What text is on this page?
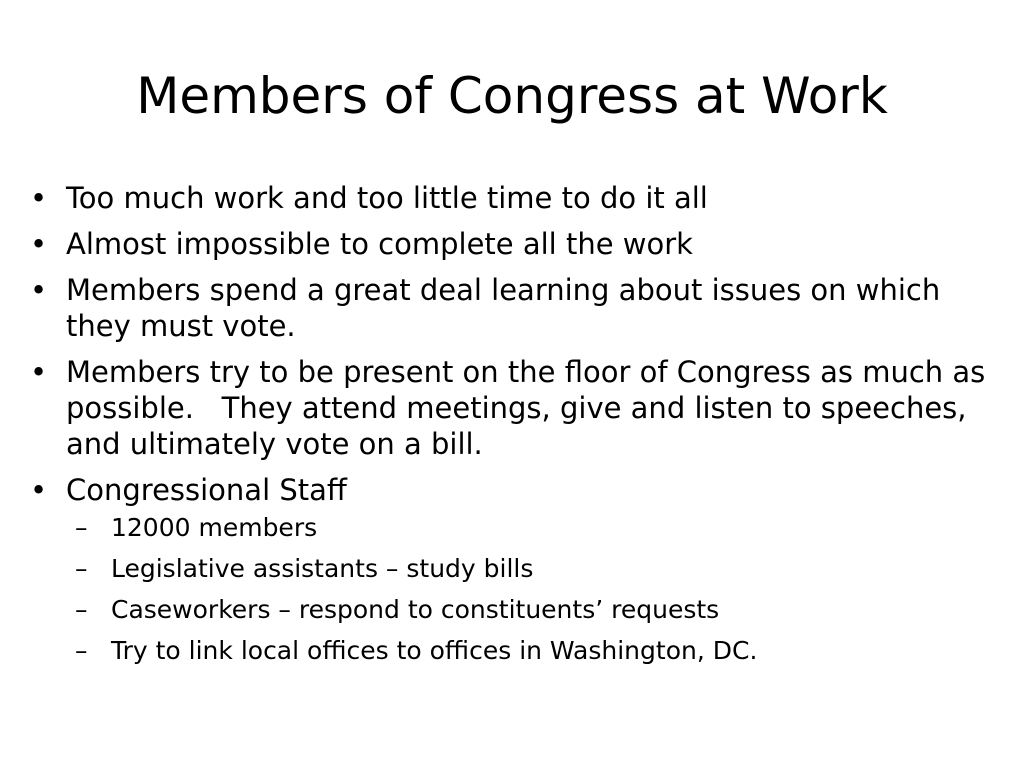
Members of Congress at Work
• Too much work and too little time to do it all
• Almost impossible to complete all the work
• Members spend a great deal learning about issues on which they must vote.
• Members try to be present on the floor of Congress as much as possible.   They attend meetings, give and listen to speeches, and ultimately vote on a bill.
• Congressional Staff
– 12000 members
– Legislative assistants – study bills
– Caseworkers – respond to constituents’ requests
– Try to link local offices to offices in Washington, DC.
